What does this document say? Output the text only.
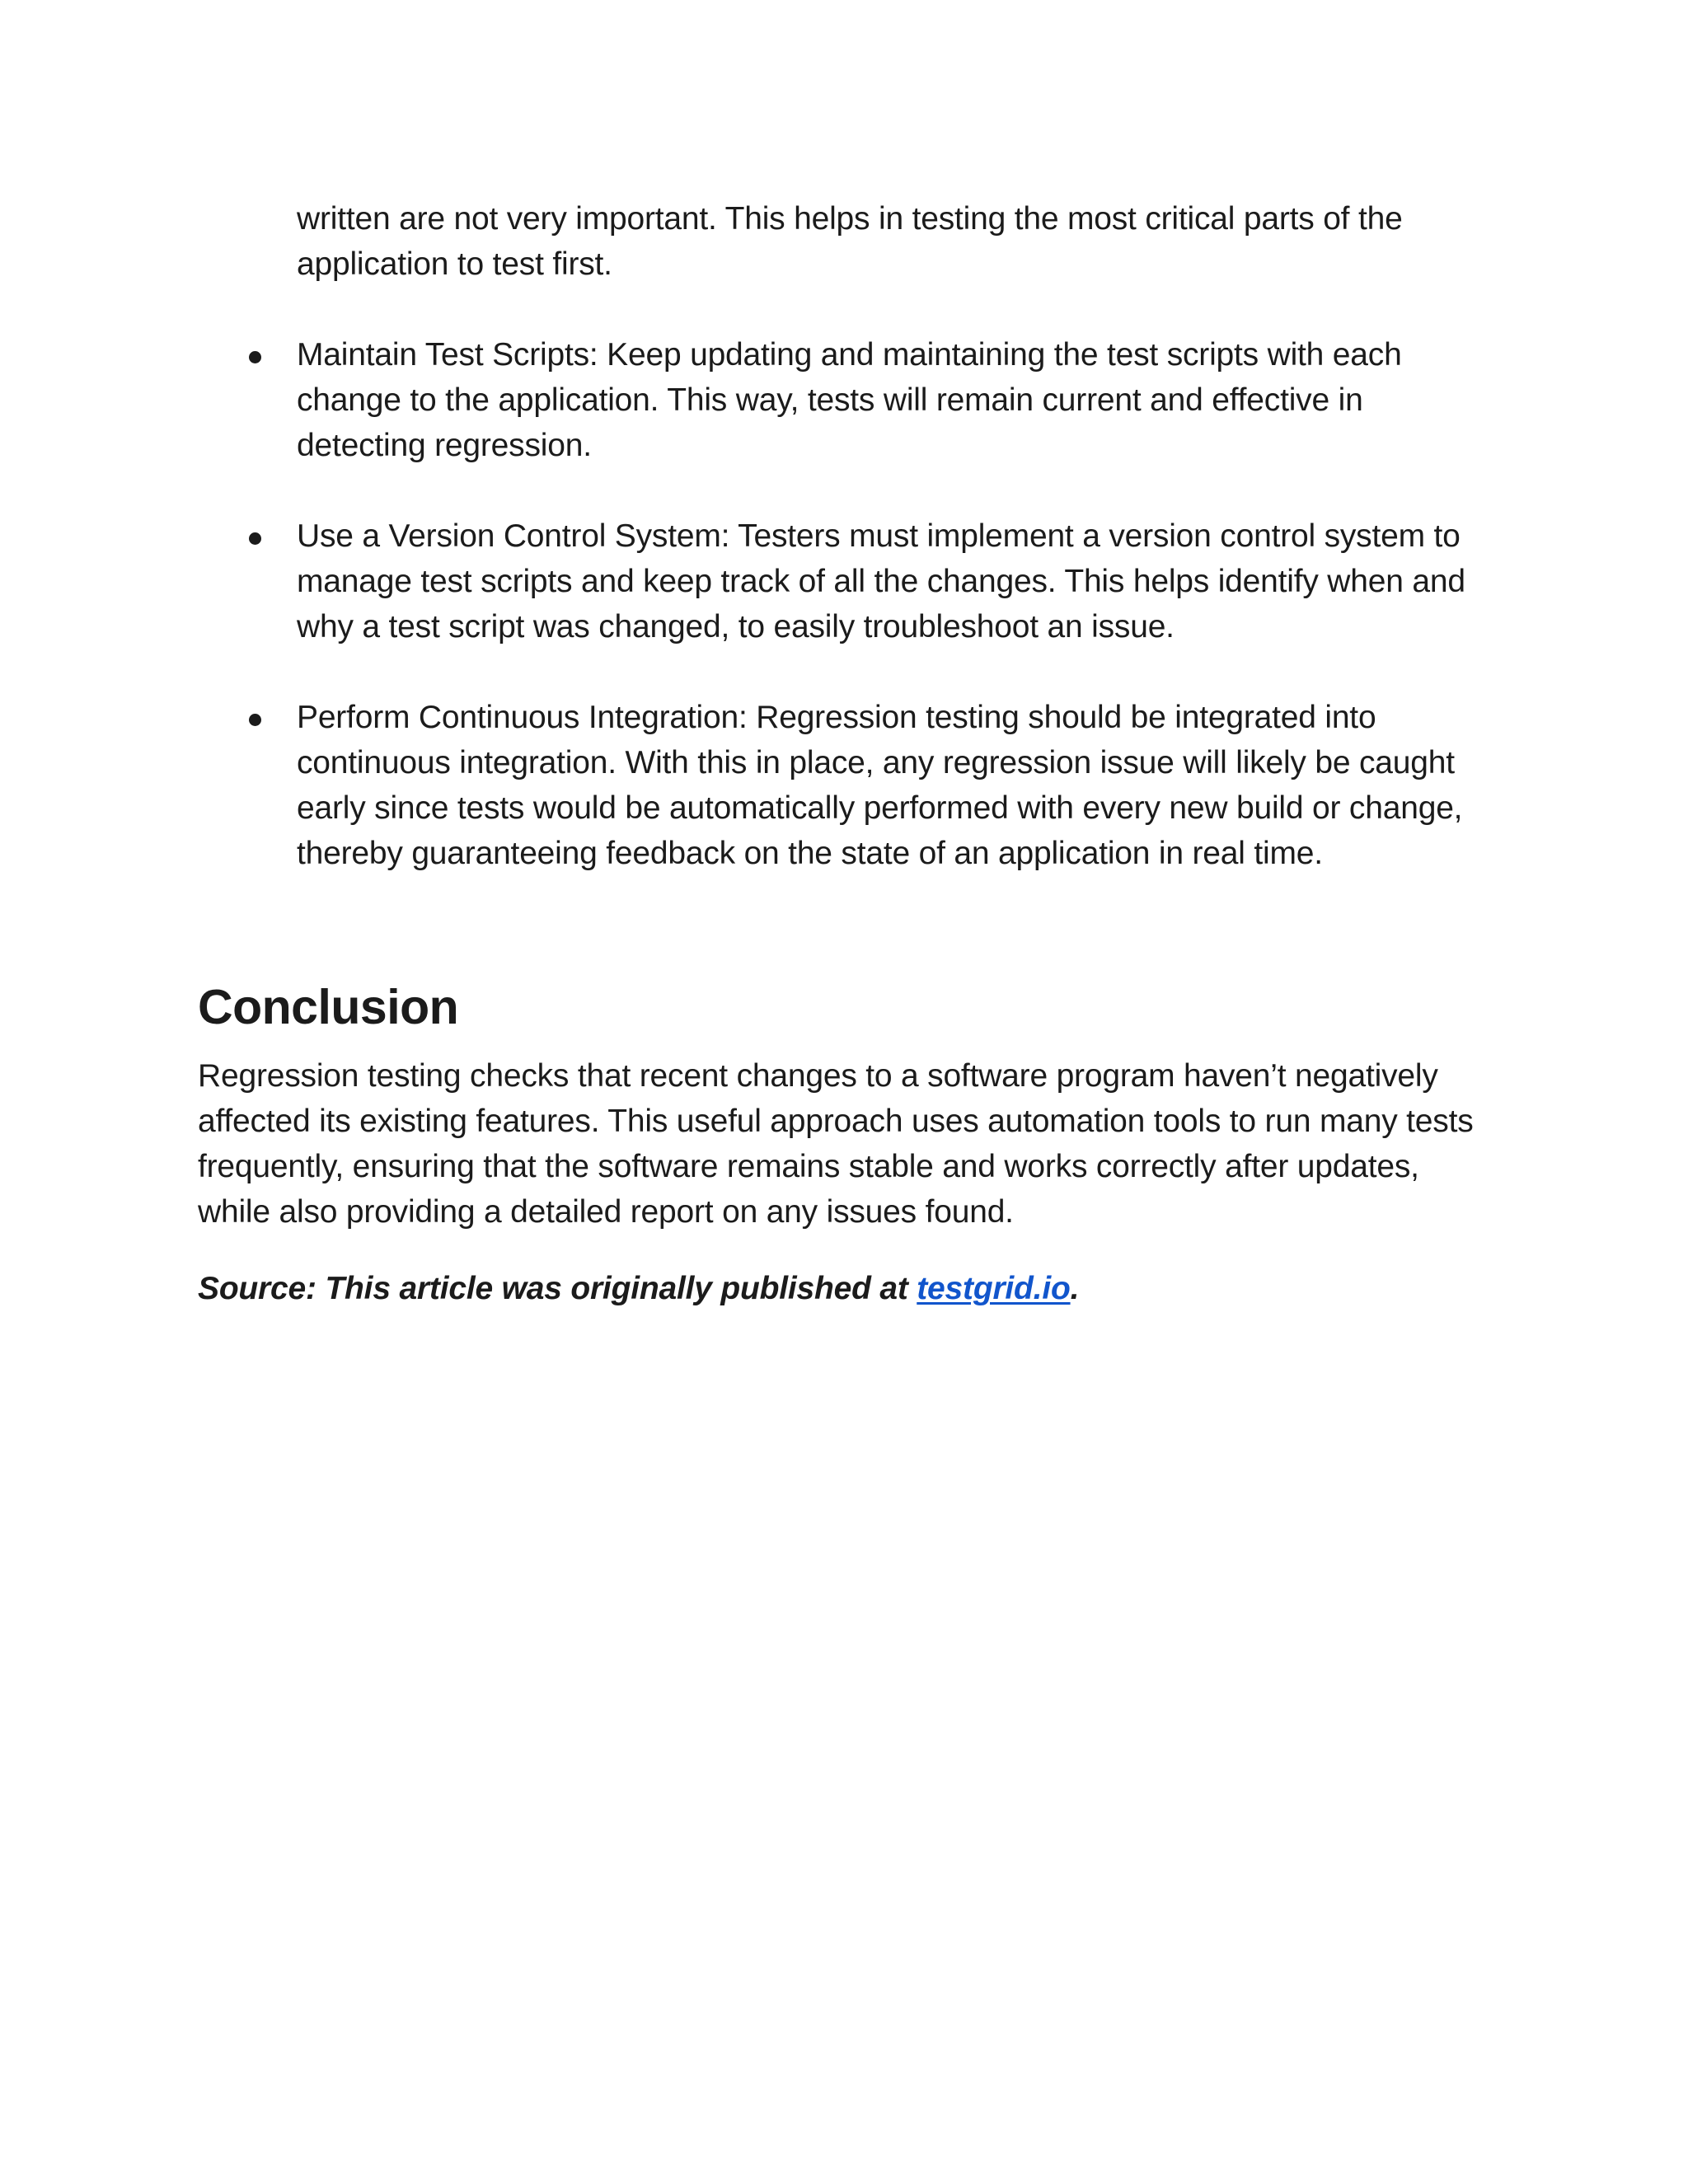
written are not very important. This helps in testing the most critical parts of the application to test first.

Maintain Test Scripts: Keep updating and maintaining the test scripts with each change to the application. This way, tests will remain current and effective in detecting regression.

Use a Version Control System: Testers must implement a version control system to manage test scripts and keep track of all the changes. This helps identify when and why a test script was changed, to easily troubleshoot an issue.

Perform Continuous Integration: Regression testing should be integrated into continuous integration. With this in place, any regression issue will likely be caught early since tests would be automatically performed with every new build or change, thereby guaranteeing feedback on the state of an application in real time.

Conclusion

Regression testing checks that recent changes to a software program haven’t negatively affected its existing features. This useful approach uses automation tools to run many tests frequently, ensuring that the software remains stable and works correctly after updates, while also providing a detailed report on any issues found.

Source: This article was originally published at testgrid.io.
